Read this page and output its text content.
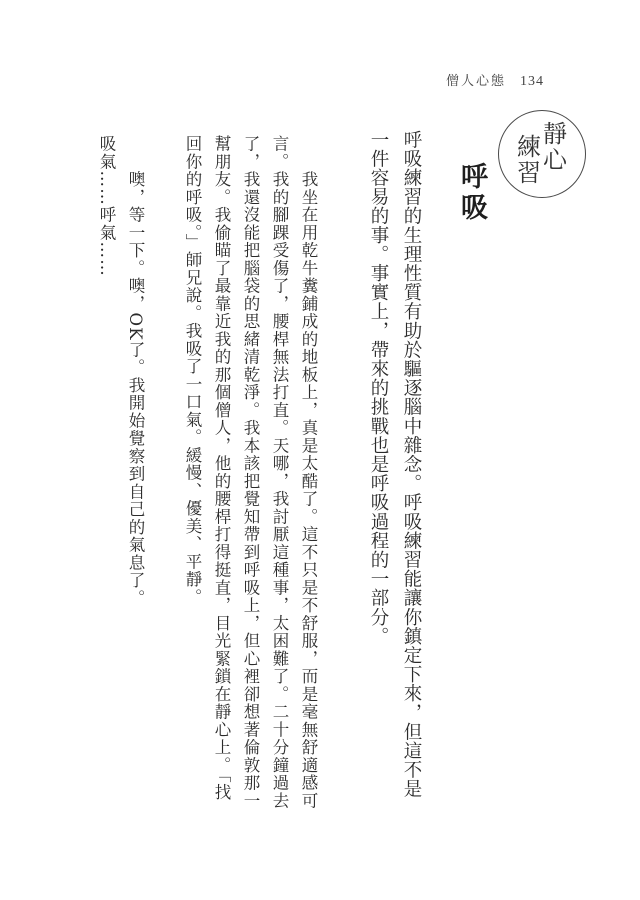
僧人心態 134
靜
心
練
習
呼吸
呼吸練習的生理性質有助於驅逐腦中雜念。呼吸練習能讓你鎮定下來，但這不是一件容易的事。事實上，帶來的挑戰也是呼吸過程的一部分。
　　我坐在用乾牛糞鋪成的地板上，真是太酷了。這不只是不舒服，而是毫無舒適感可言。我的腳踝受傷了，腰桿無法打直。天哪，我討厭這種事，太困難了。二十分鐘過去了，我還沒能把腦袋的思緒清乾淨。我本該把覺知帶到呼吸上，但心裡卻想著倫敦那一幫朋友。我偷瞄了最靠近我的那個僧人，他的腰桿打得挺直，目光緊鎖在靜心上。「找回你的呼吸。」師兄說。我吸了一口氣。緩慢、優美、平靜。
　　噢，等一下。噢，OK了。我開始覺察到自己的氣息了。
吸氣……呼氣……
